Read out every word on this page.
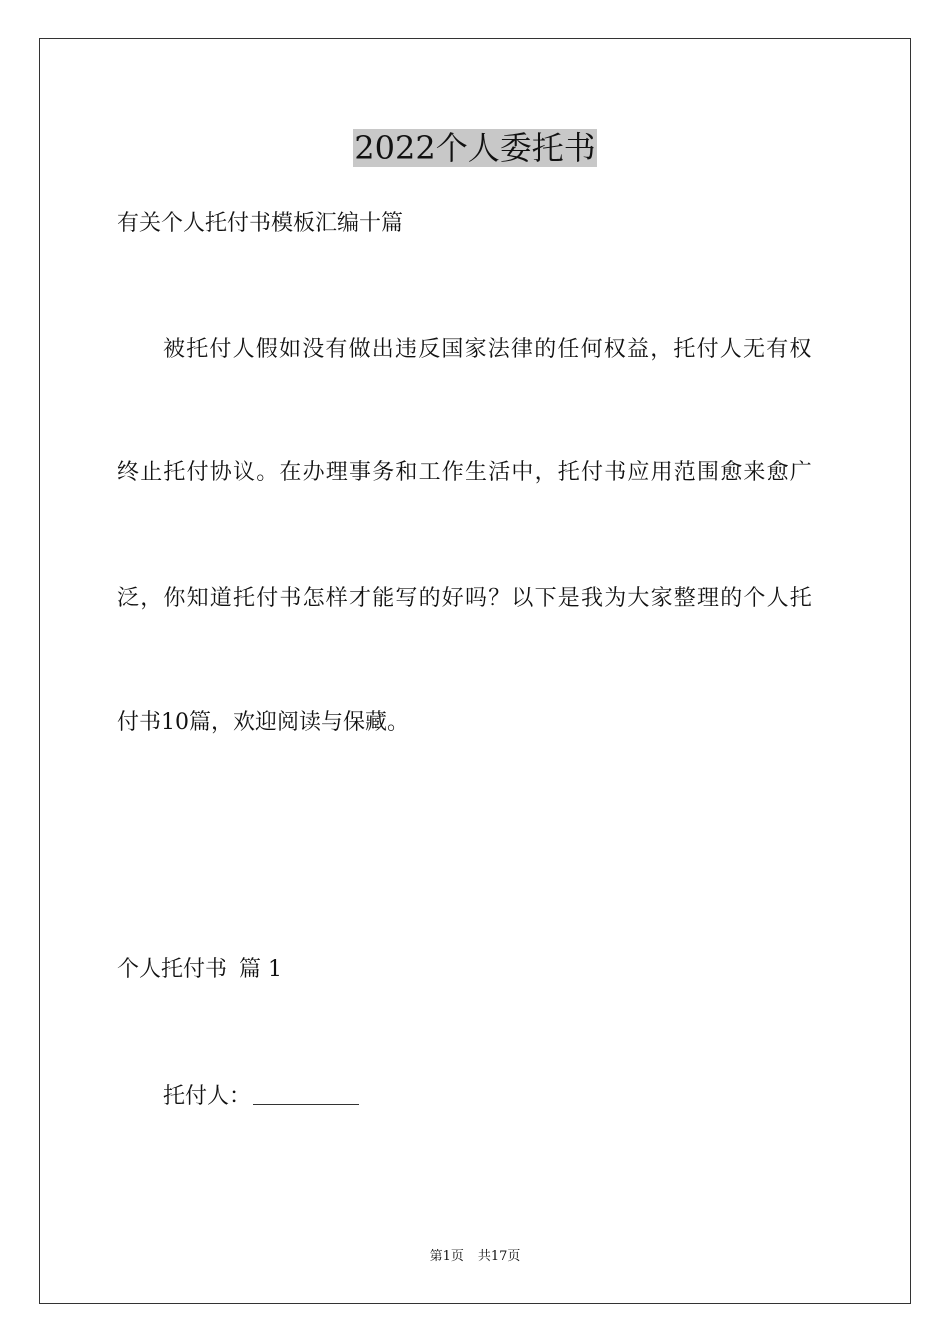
2022个人委托书
有关个人托付书模板汇编十篇
被托付人假如没有做出违反国家法律的任何权益，托付人无有权
终止托付协议。在办理事务和工作生活中，托付书应用范围愈来愈广
泛，你知道托付书怎样才能写的好吗？以下是我为大家整理的个人托
付书10篇，欢迎阅读与保藏。
个人托付书 篇 1
托付人：
第1页 共17页
